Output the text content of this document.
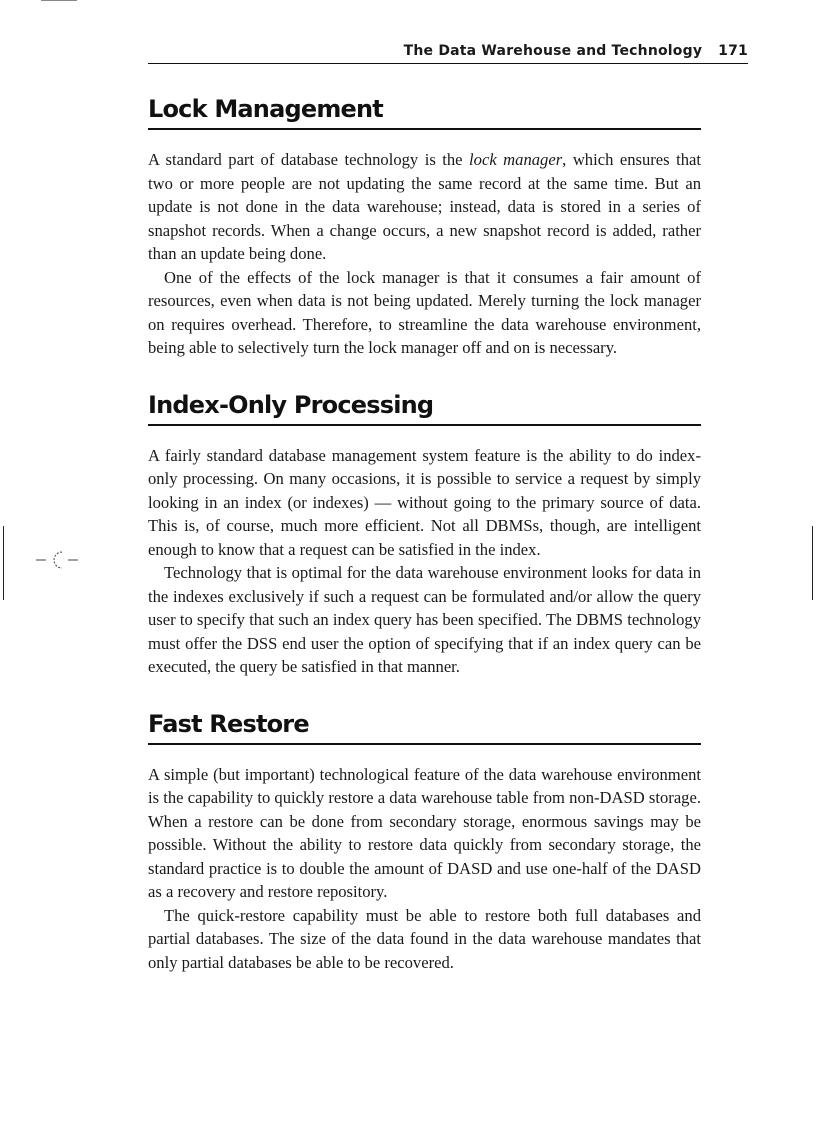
The Data Warehouse and Technology 171
Lock Management

A standard part of database technology is the lock manager, which ensures that two or more people are not updating the same record at the same time. But an update is not done in the data warehouse; instead, data is stored in a series of snapshot records. When a change occurs, a new snapshot record is added, rather than an update being done.

One of the effects of the lock manager is that it consumes a fair amount of resources, even when data is not being updated. Merely turning the lock manager on requires overhead. Therefore, to streamline the data warehouse environment, being able to selectively turn the lock manager off and on is necessary.

Index-Only Processing

A fairly standard database management system feature is the ability to do index-only processing. On many occasions, it is possible to service a request by simply looking in an index (or indexes) — without going to the primary source of data. This is, of course, much more efficient. Not all DBMSs, though, are intelligent enough to know that a request can be satisfied in the index.

Technology that is optimal for the data warehouse environment looks for data in the indexes exclusively if such a request can be formulated and/or allow the query user to specify that such an index query has been specified. The DBMS technology must offer the DSS end user the option of specifying that if an index query can be executed, the query be satisfied in that manner.

Fast Restore

A simple (but important) technological feature of the data warehouse environment is the capability to quickly restore a data warehouse table from non-DASD storage. When a restore can be done from secondary storage, enormous savings may be possible. Without the ability to restore data quickly from secondary storage, the standard practice is to double the amount of DASD and use one-half of the DASD as a recovery and restore repository.

The quick-restore capability must be able to restore both full databases and partial databases. The size of the data found in the data warehouse mandates that only partial databases be able to be recovered.
